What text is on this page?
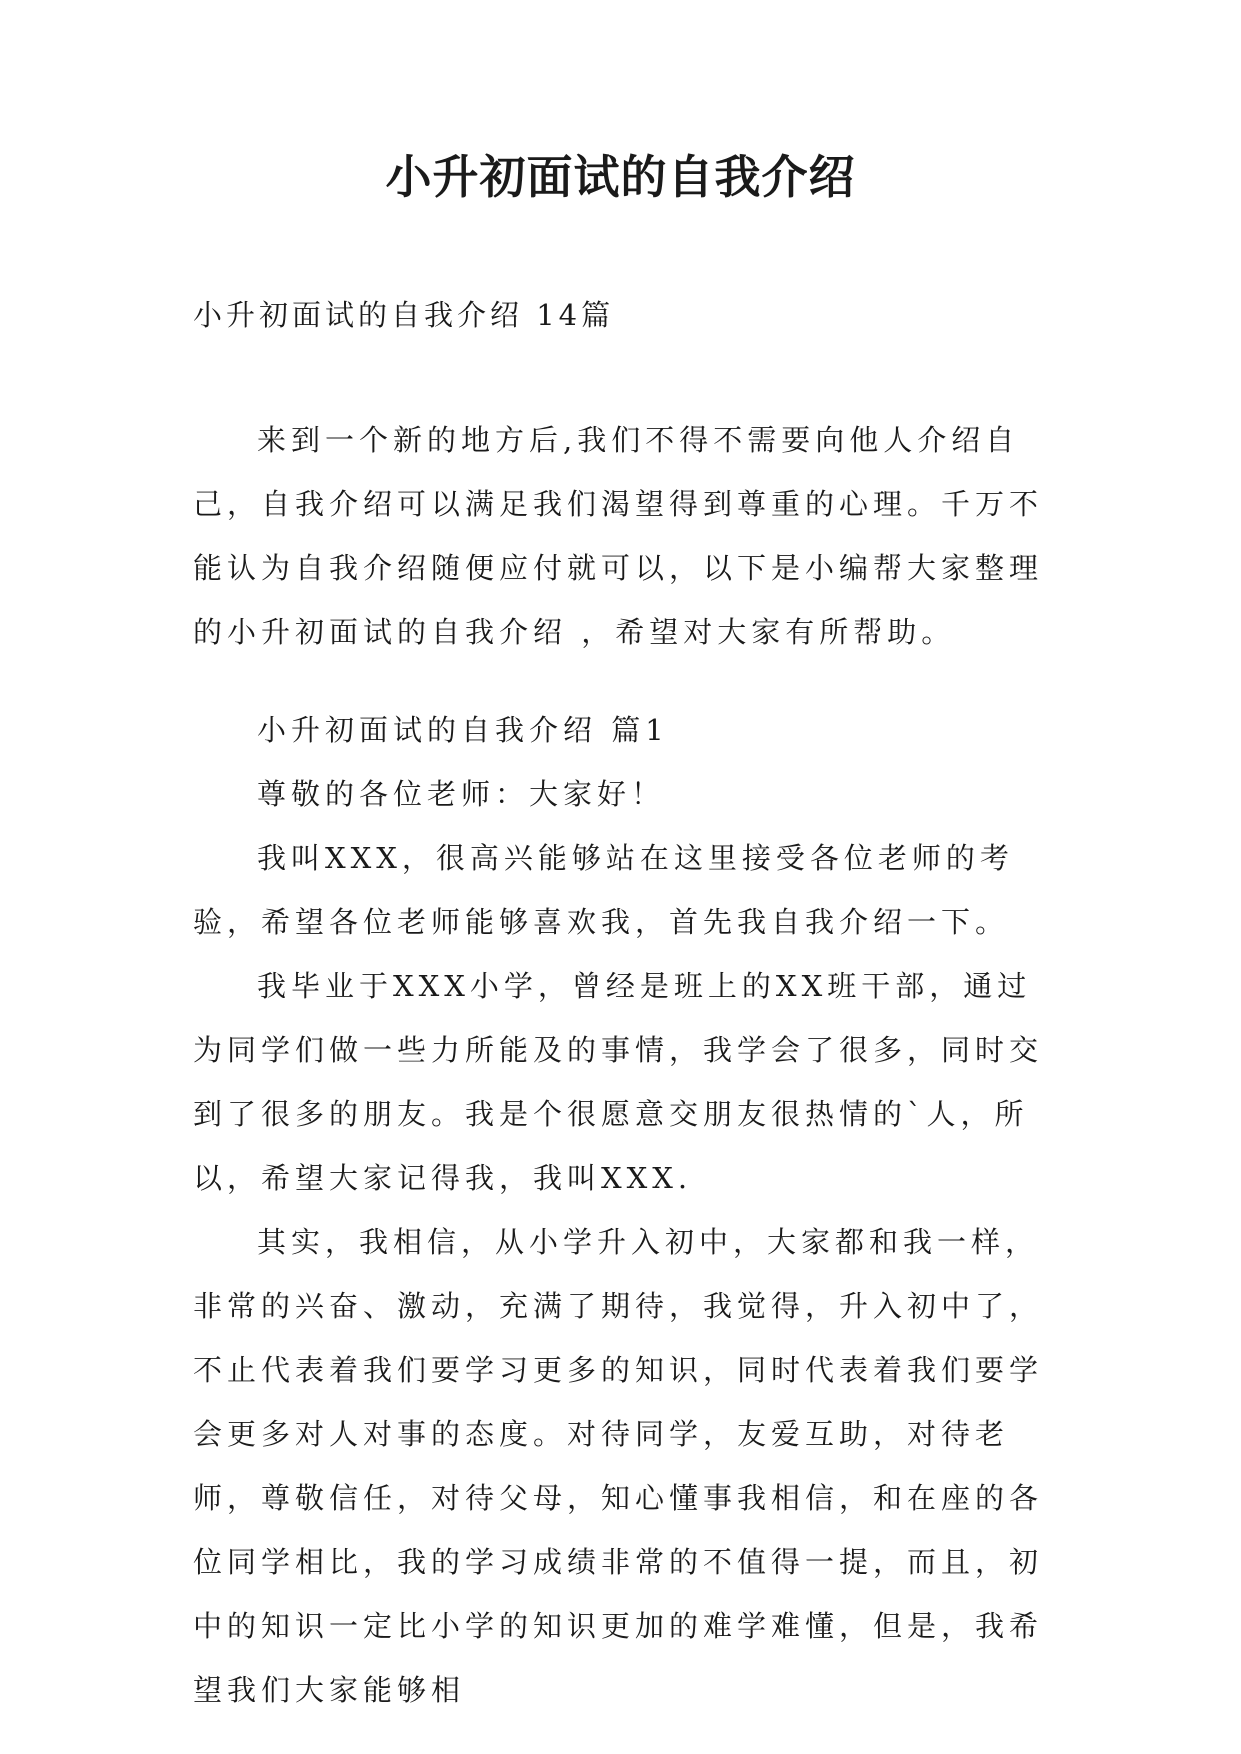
小升初面试的自我介绍
小升初面试的自我介绍 14篇

来到一个新的地方后,我们不得不需要向他人介绍自己，自我介绍可以满足我们渴望得到尊重的心理。千万不能认为自我介绍随便应付就可以，以下是小编帮大家整理的小升初面试的自我介绍 ，希望对大家有所帮助。

小升初面试的自我介绍 篇1

尊敬的各位老师：大家好！

我叫XXX，很高兴能够站在这里接受各位老师的考验，希望各位老师能够喜欢我，首先我自我介绍一下。

我毕业于XXX小学，曾经是班上的XX班干部，通过为同学们做一些力所能及的事情，我学会了很多，同时交到了很多的朋友。我是个很愿意交朋友很热情的`人，所以，希望大家记得我，我叫XXX.

其实，我相信，从小学升入初中，大家都和我一样，非常的兴奋、激动，充满了期待，我觉得，升入初中了，不止代表着我们要学习更多的知识，同时代表着我们要学会更多对人对事的态度。对待同学，友爱互助，对待老师，尊敬信任，对待父母，知心懂事我相信，和在座的各位同学相比，我的学习成绩非常的不值得一提，而且，初中的知识一定比小学的知识更加的难学难懂，但是，我希望我们大家能够相
